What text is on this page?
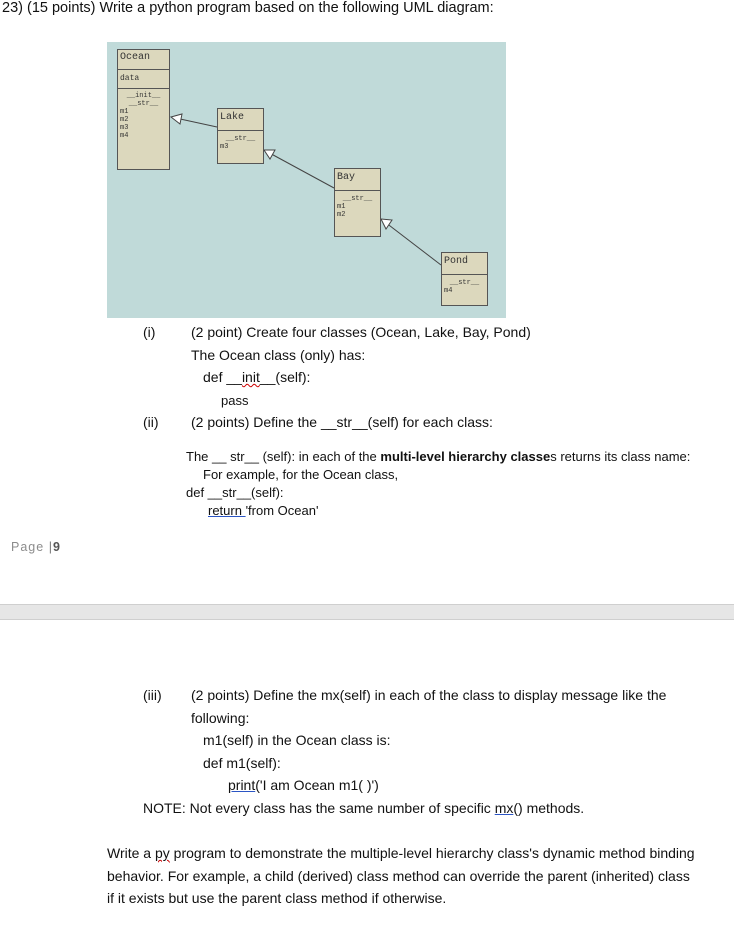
23) (15 points) Write a python program based on the following UML diagram:
Ocean
data
__init__
__str__
m1
m2
m3
m4
Lake
__str__
m3
Bay
__str__
m1
m2
Pond
__str__
m4
(i)	(2 point) Create four classes (Ocean, Lake, Bay, Pond)
The Ocean class (only) has:
def __init__(self):
pass
(ii) (2 points) Define the __str__(self) for each class:
The __ str__ (self): in each of the multi-level hierarchy classes returns its class name:
For example, for the Ocean class,
def __str__(self):
return 'from Ocean'
Page |9
(iii) (2 points) Define the mx(self) in each of the class to display message like the
following:
m1(self) in the Ocean class is:
def m1(self):
print('I am Ocean m1( )')
NOTE: Not every class has the same number of specific mx() methods.
Write a py program to demonstrate the multiple-level hierarchy class's dynamic method binding behavior. For example, a child (derived) class method can override the parent (inherited) class if it exists but use the parent class method if otherwise.
